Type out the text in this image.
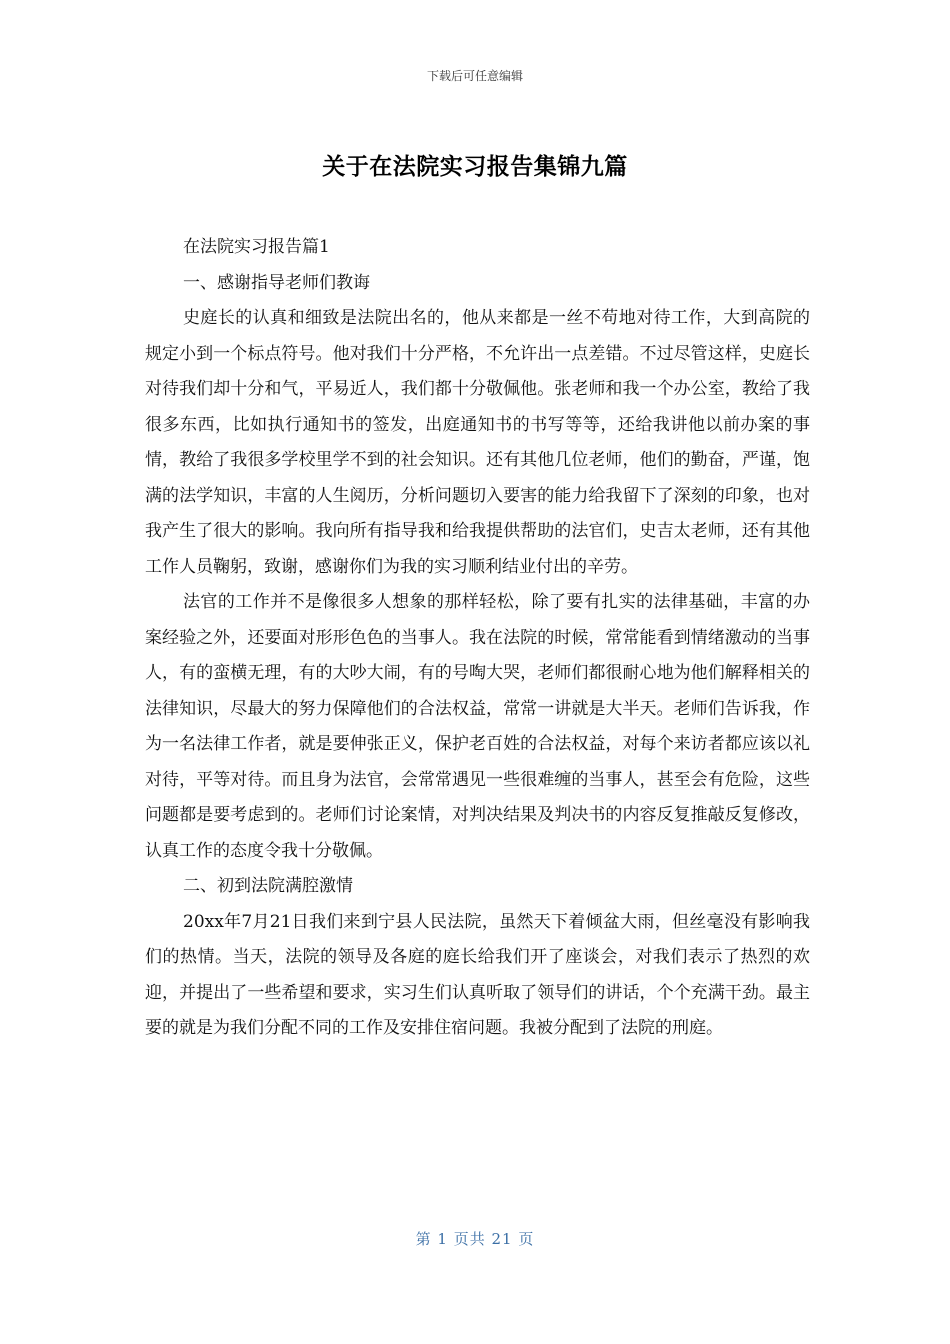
下载后可任意编辑
关于在法院实习报告集锦九篇

在法院实习报告篇1

一、感谢指导老师们教诲

史庭长的认真和细致是法院出名的，他从来都是一丝不苟地对待工作，大到高院的规定小到一个标点符号。他对我们十分严格，不允许出一点差错。不过尽管这样，史庭长对待我们却十分和气，平易近人，我们都十分敬佩他。张老师和我一个办公室，教给了我很多东西，比如执行通知书的签发，出庭通知书的书写等等，还给我讲他以前办案的事情，教给了我很多学校里学不到的社会知识。还有其他几位老师，他们的勤奋，严谨，饱满的法学知识，丰富的人生阅历，分析问题切入要害的能力给我留下了深刻的印象，也对我产生了很大的影响。我向所有指导我和给我提供帮助的法官们，史吉太老师，还有其他工作人员鞠躬，致谢，感谢你们为我的实习顺利结业付出的辛劳。

法官的工作并不是像很多人想象的那样轻松，除了要有扎实的法律基础，丰富的办案经验之外，还要面对形形色色的当事人。我在法院的时候，常常能看到情绪激动的当事人，有的蛮横无理，有的大吵大闹，有的号啕大哭，老师们都很耐心地为他们解释相关的法律知识，尽最大的努力保障他们的合法权益，常常一讲就是大半天。老师们告诉我，作为一名法律工作者，就是要伸张正义，保护老百姓的合法权益，对每个来访者都应该以礼对待，平等对待。而且身为法官，会常常遇见一些很难缠的当事人，甚至会有危险，这些问题都是要考虑到的。老师们讨论案情，对判决结果及判决书的内容反复推敲反复修改，认真工作的态度令我十分敬佩。

二、初到法院满腔激情

20xx年7月21日我们来到宁县人民法院，虽然天下着倾盆大雨，但丝毫没有影响我们的热情。当天，法院的领导及各庭的庭长给我们开了座谈会，对我们表示了热烈的欢迎，并提出了一些希望和要求，实习生们认真听取了领导们的讲话，个个充满干劲。最主要的就是为我们分配不同的工作及安排住宿问题。我被分配到了法院的刑庭。

第 1 页共 21 页
